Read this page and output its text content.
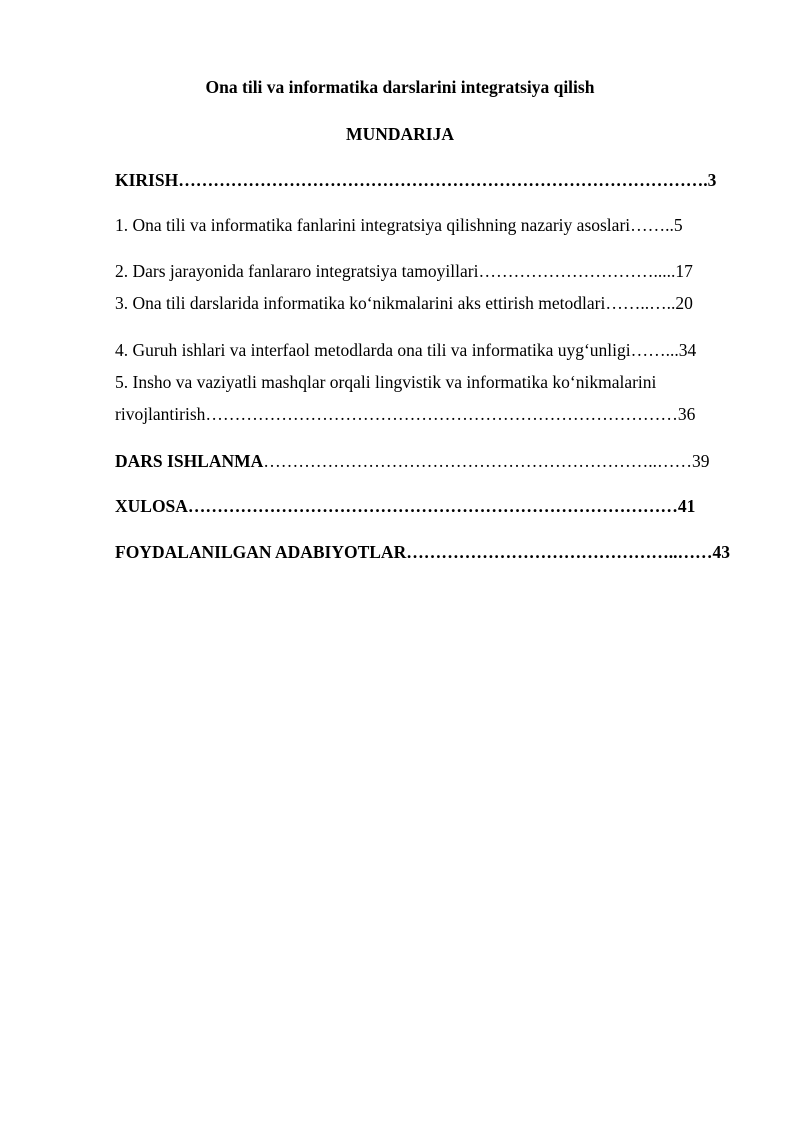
Ona tili va informatika darslarini integratsiya qilish
MUNDARIJA
KIRISH……………………………………………………………………………….3
1. Ona tili va informatika fanlarini integratsiya qilishning nazariy asoslari……..5
2. Dars jarayonida fanlararo integratsiya tamoyillari………………………….....17
3. Ona tili darslarida informatika ko‘nikmalarini aks ettirish metodlari……..…..20
4. Guruh ishlari va interfaol metodlarda ona tili va informatika uyg‘unligi……...34
5. Insho va vaziyatli mashqlar orqali lingvistik va informatika ko‘nikmalarini
rivojlantirish………………………………………………………………………36
DARS ISHLANMA…………………………………………………………..……39
XULOSA…………………………………………………………………………41
FOYDALANILGAN ADABIYOTLAR………………………………………..……43
